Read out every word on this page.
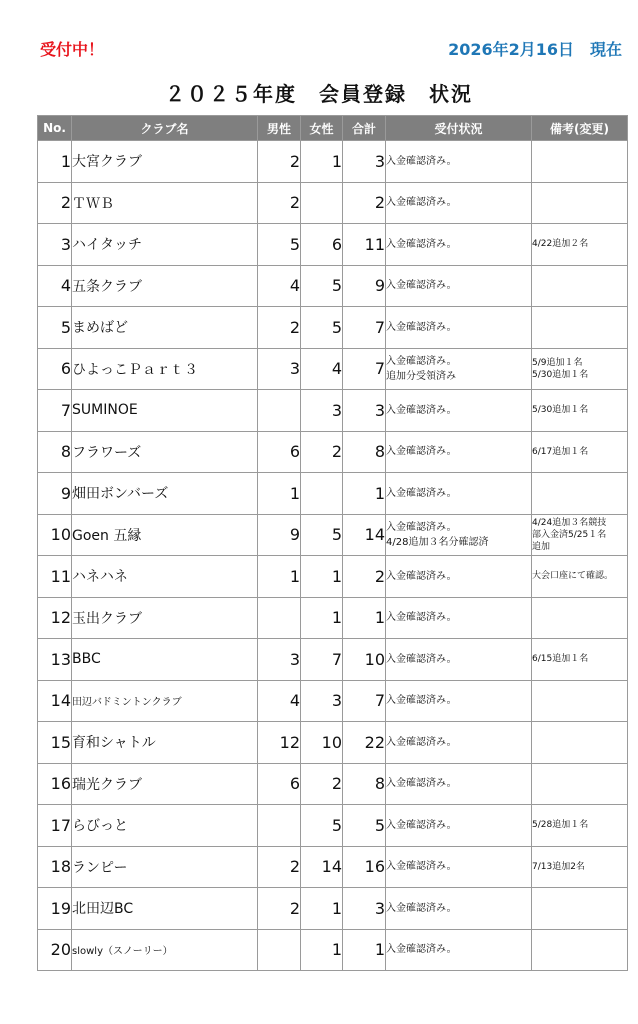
受付中！	2026年2月16日　現在
２０２５年度　会員登録　状況
No.	クラブ名	男性	女性	合計	受付状況	備考(変更)
1	大宮クラブ	2	1	3	入金確認済み。	

2	ＴＷＢ	2		2	入金確認済み。	

3	ハイタッチ	5	6	11	入金確認済み。	4/22追加２名

4	五条クラブ	4	5	9	入金確認済み。	

5	まめばど	2	5	7	入金確認済み。	

6	ひよっこＰａｒｔ３	3	4	7	入金確認済み。
追加分受領済み	5/9追加１名
5/30追加１名

7	SUMINOE		3	3	入金確認済み。	5/30追加１名

8	フラワーズ	6	2	8	入金確認済み。	6/17追加１名

9	畑田ボンバーズ	1		1	入金確認済み。	

10	Goen 五縁	9	5	14	入金確認済み。
4/28追加３名分確認済	4/24追加３名競技
部入金済5/25１名
追加

11	ハネハネ	1	1	2	入金確認済み。	大会口座にて確認。

12	玉出クラブ		1	1	入金確認済み。	

13	BBC	3	7	10	入金確認済み。	6/15追加１名

14	田辺バドミントンクラブ	4	3	7	入金確認済み。	

15	育和シャトル	12	10	22	入金確認済み。	

16	瑞光クラブ	6	2	8	入金確認済み。	

17	らびっと		5	5	入金確認済み。	5/28追加１名

18	ランピー	2	14	16	入金確認済み。	7/13追加2名

19	北田辺BC	2	1	3	入金確認済み。	

20	slowly（スノーリー）		1	1	入金確認済み。	
